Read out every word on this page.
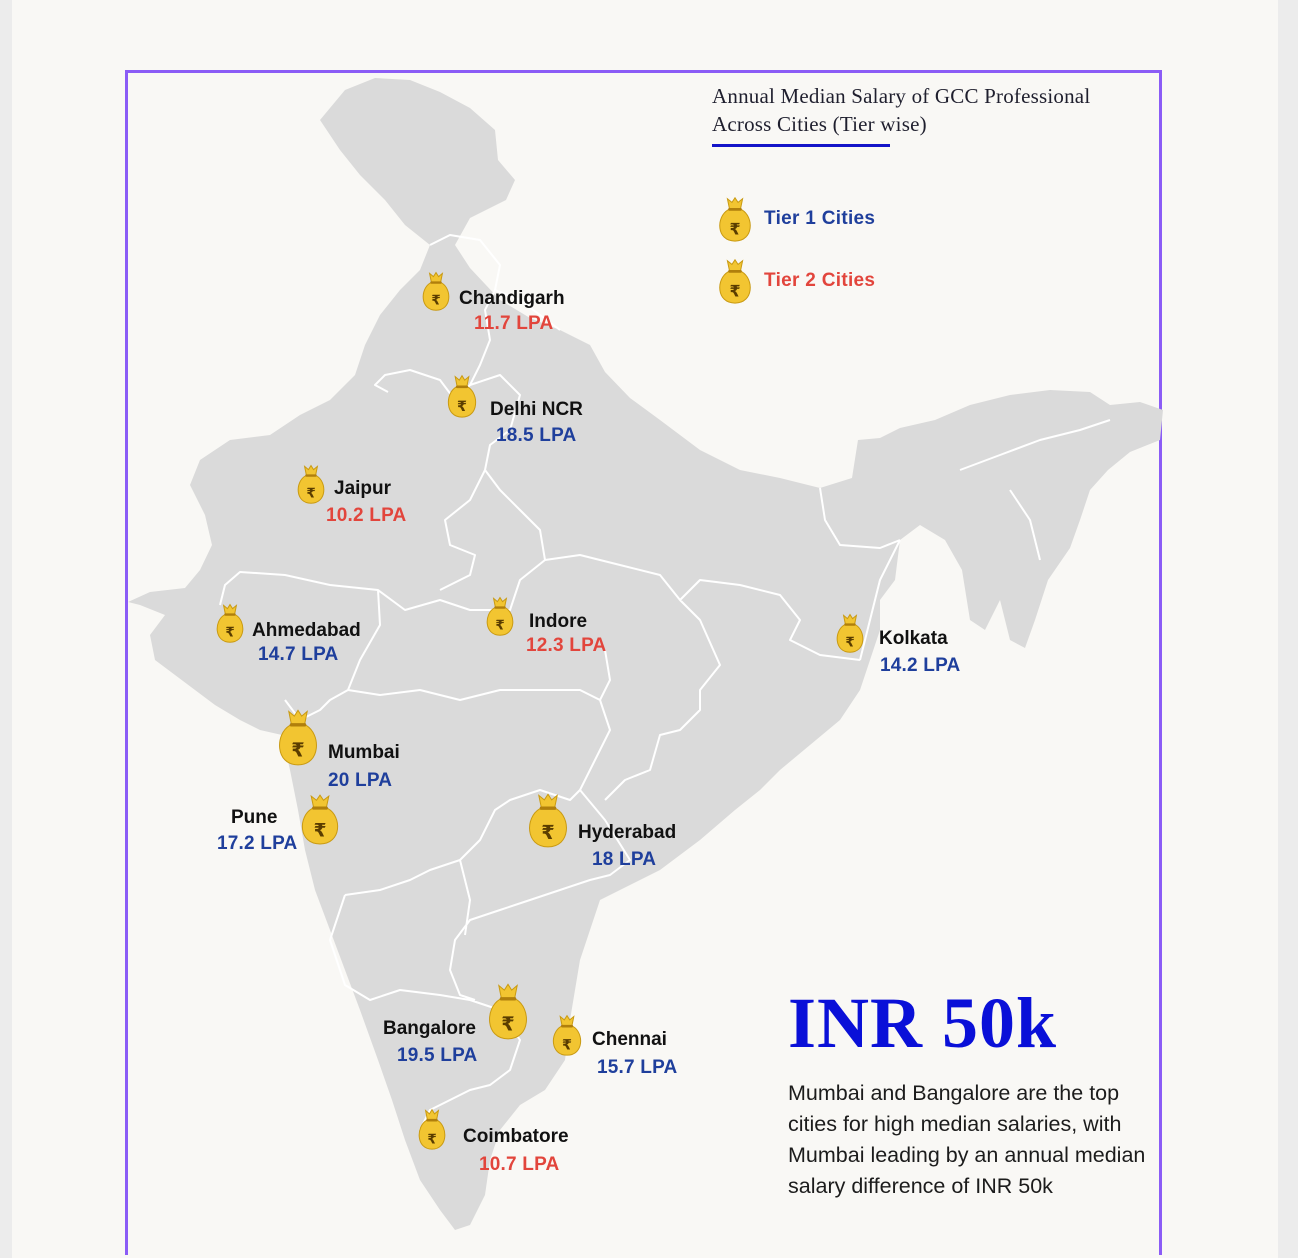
Annual Median Salary of GCC Professional Across Cities (Tier wise)
₹
Tier 1 Cities
₹
Tier 2 Cities
₹ Chandigarh
11.7 LPA
₹ Delhi NCR
18.5 LPA
₹ Jaipur
10.2 LPA
₹ Ahmedabad
14.7 LPA
₹ Indore
12.3 LPA	₹ Kolkata
14.2 LPA
₹ Mumbai
20 LPA
₹
Pune
17.2 LPA	₹ Hyderabad
18 LPA
₹
Bangalore
19.5 LPA	₹ Chennai
15.7 LPA
₹ Coimbatore
10.7 LPA
INR 50k
Mumbai and Bangalore are the top cities for high median salaries, with Mumbai leading by an annual median salary difference of INR 50k
